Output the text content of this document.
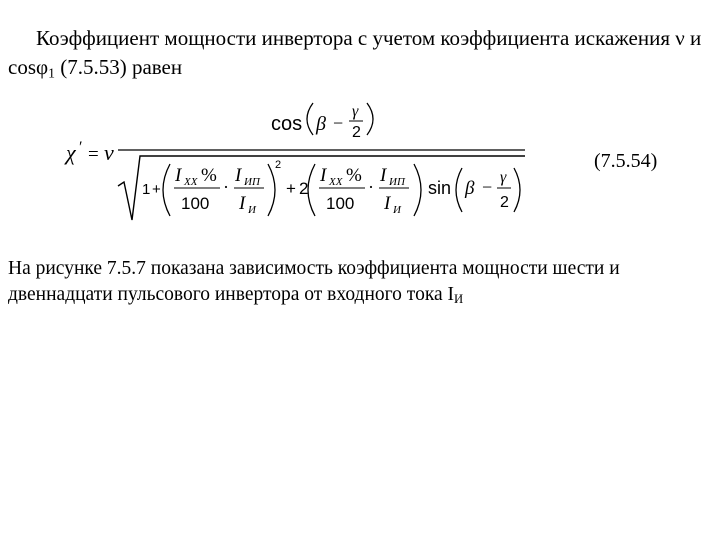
Коэффициент мощности инвертора с учетом коэффициента искажения ν и cosφ$_1$ (7.5.53) равен
χ ′ = ν
cos β −
γ
2
1 +
I XX %
100
·
I ИП
I И
2
+ 2
I XX %
100
·
I ИП
I И
sin β − γ
2
(7.5.54)
На рисунке 7.5.7 показана зависимость коэффициента мощности шести и двеннадцати пульсового инвертора от входного тока $I_И$
